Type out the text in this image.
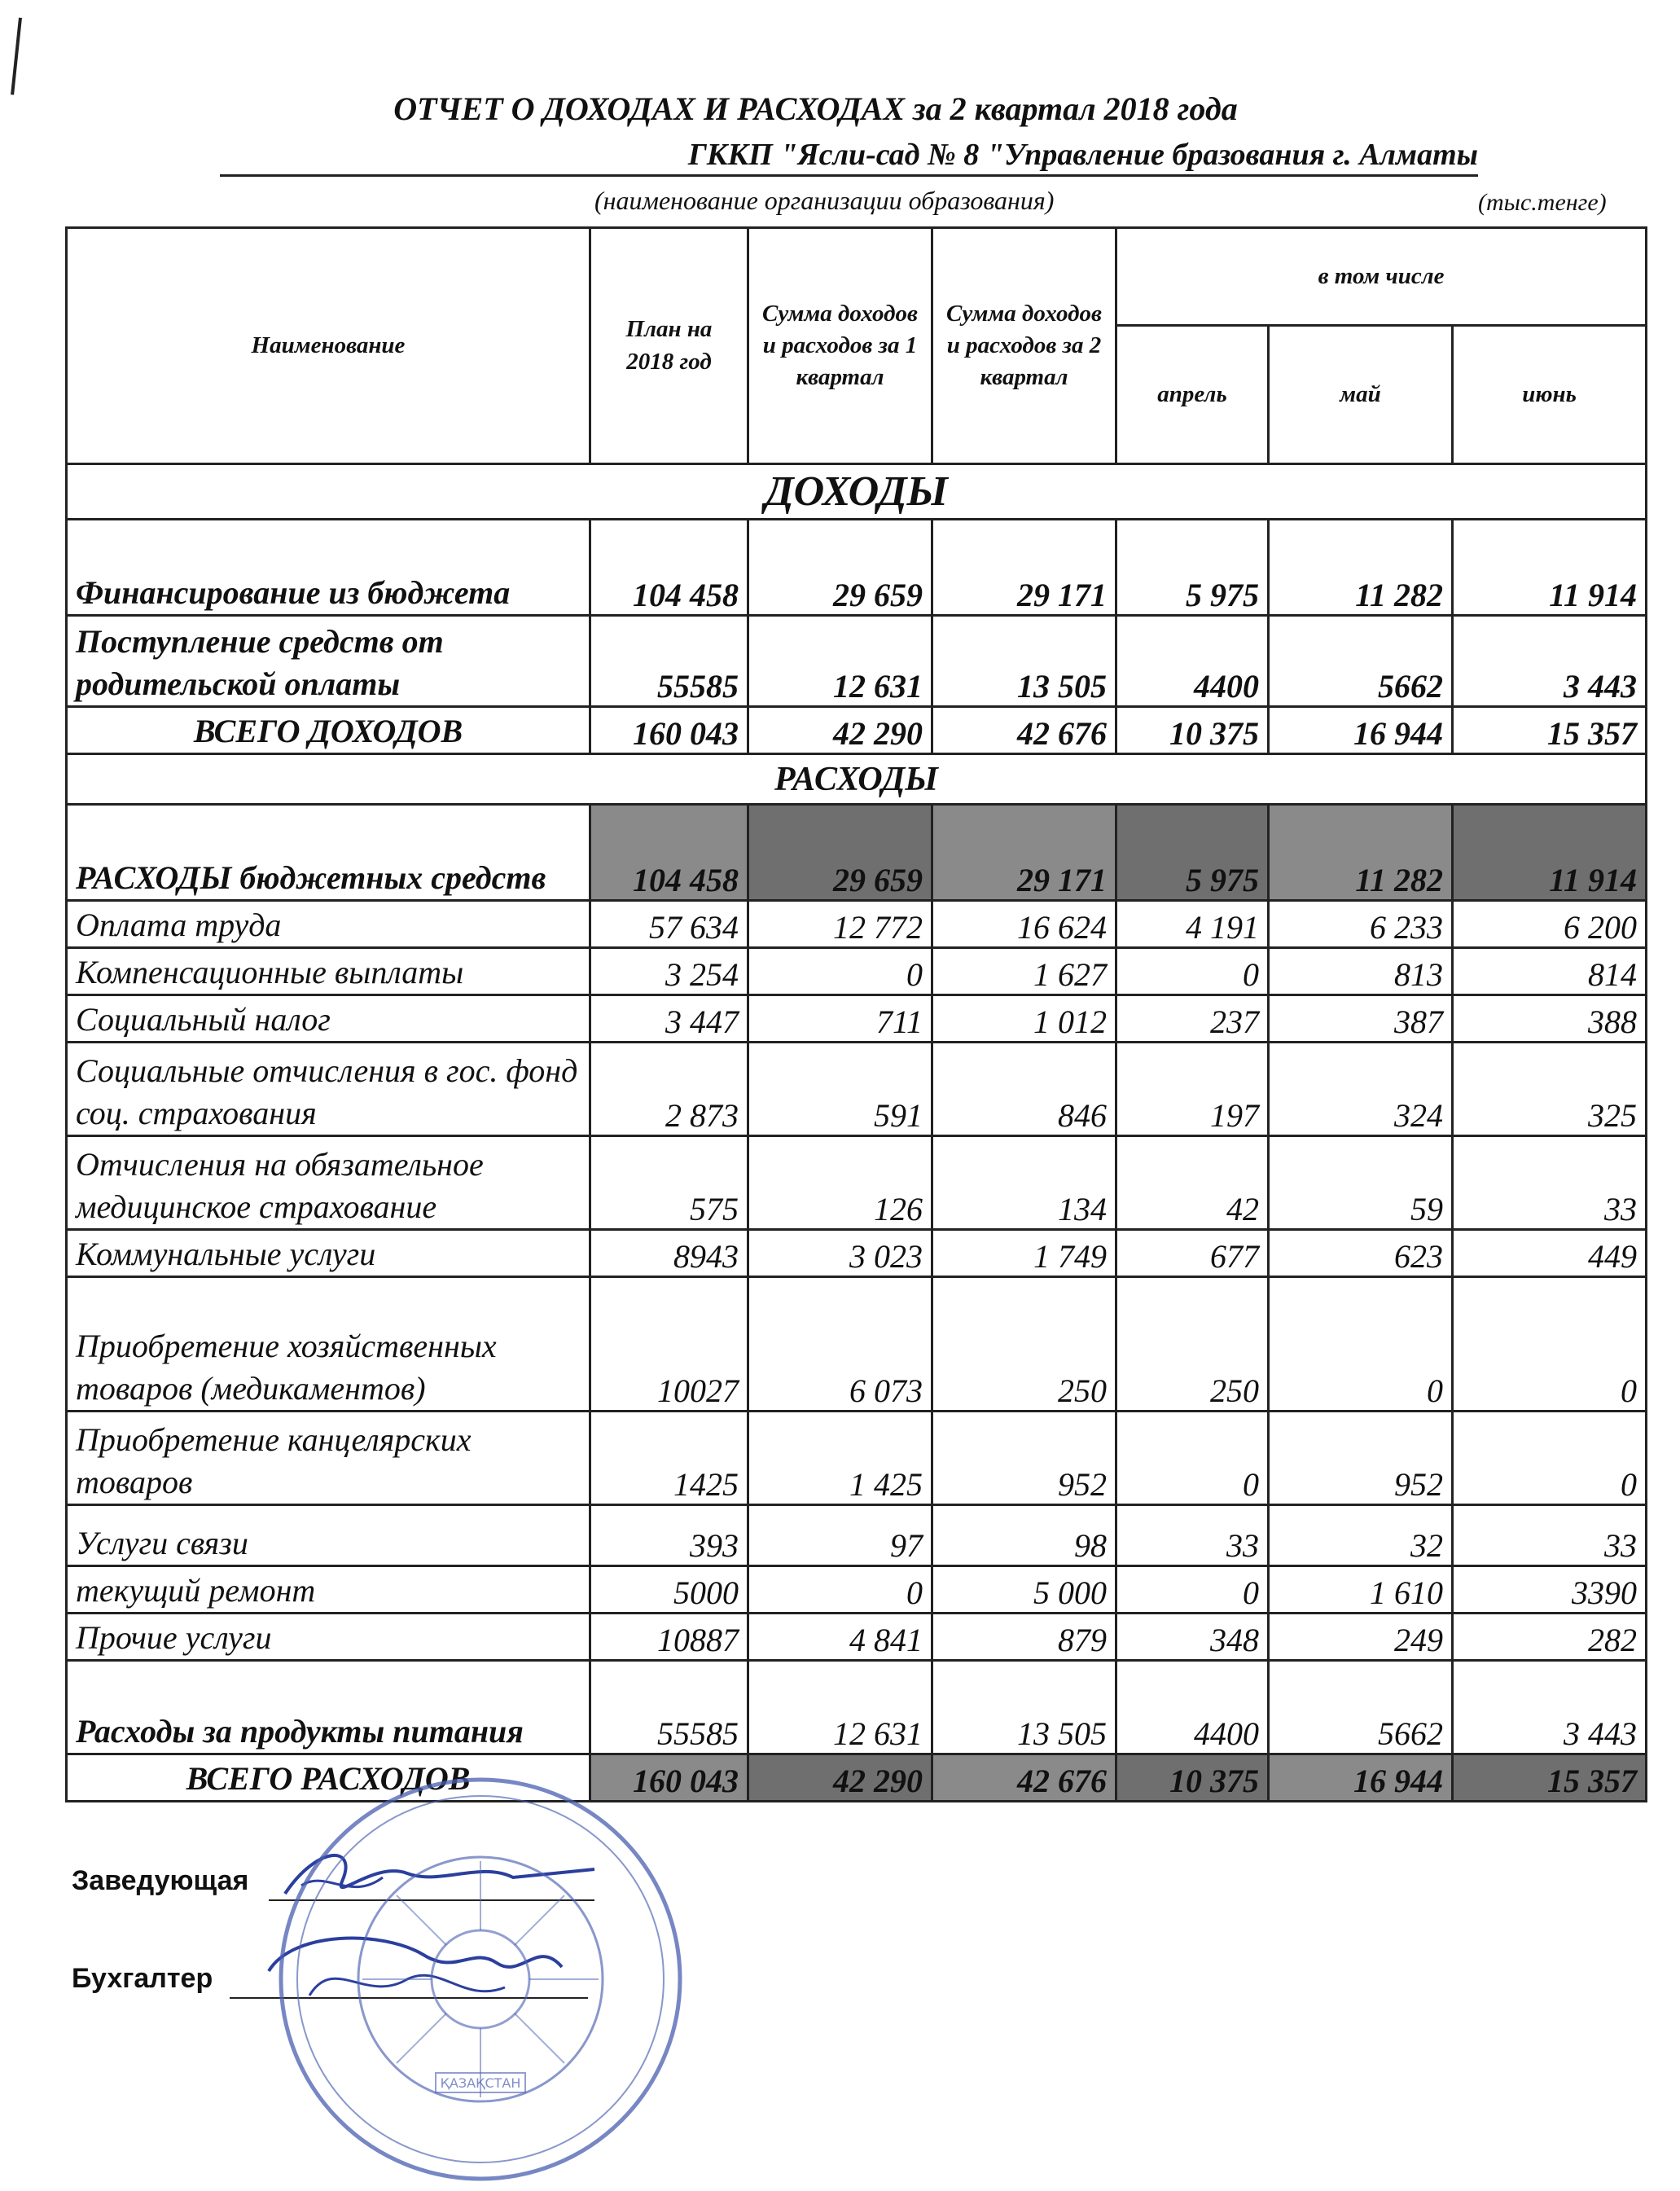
ОТЧЕТ О ДОХОДАХ И РАСХОДАХ за 2 квартал 2018 года
ГККП "Ясли-сад № 8 "Управление бразования г. Алматы
(наименование организации образования)	(тыс.тенге)
Наименование	План на 2018 год	Сумма доходов и расходов за 1 квартал	Сумма доходов и расходов за 2 квартал	в том числе		
				апрель	май	июнь
ДОХОДЫ						
Финансирование из бюджета	104 458	29 659	29 171	5 975	11 282	11 914
Поступление средств от родительской оплаты	55585	12 631	13 505	4400	5662	3 443
ВСЕГО ДОХОДОВ	160 043	42 290	42 676	10 375	16 944	15 357
РАСХОДЫ						
РАСХОДЫ бюджетных средств	104 458	29 659	29 171	5 975	11 282	11 914
Оплата труда	57 634	12 772	16 624	4 191	6 233	6 200
Компенсационные выплаты	3 254	0	1 627	0	813	814
Социальный налог	3 447	711	1 012	237	387	388
Социальные отчисления в гос. фонд соц. страхования	2 873	591	846	197	324	325
Отчисления на обязательное медицинское страхование	575	126	134	42	59	33
Коммунальные услуги	8943	3 023	1 749	677	623	449
Приобретение хозяйственных товаров (медикаментов)	10027	6 073	250	250	0	0
Приобретение канцелярских товаров	1425	1 425	952	0	952	0
Услуги связи	393	97	98	33	32	33
текущий ремонт	5000	0	5 000	0	1 610	3390
Прочие услуги	10887	4 841	879	348	249	282
Расходы за продукты питания	55585	12 631	13 505	4400	5662	3 443
ВСЕГО РАСХОДОВ	160 043	42 290	42 676	10 375	16 944	15 357
Заведующая
Бухгалтер
ҚАЗАҚСТАН
